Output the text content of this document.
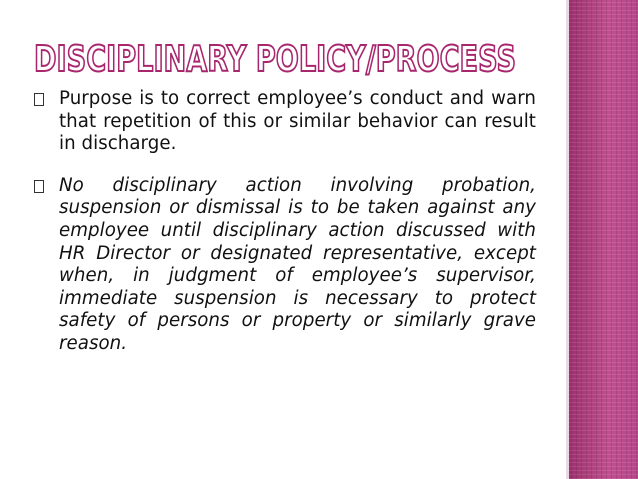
DISCIPLINARY POLICY/PROCESS
Purpose is to correct employee’s conduct and warn that repetition of this or similar behavior can result in discharge.
No disciplinary action involving probation, suspension or dismissal is to be taken against any employee until disciplinary action discussed with HR Director or designated representative, except when, in judgment of employee’s supervisor, immediate suspension is necessary to protect safety of persons or property or similarly grave reason.
